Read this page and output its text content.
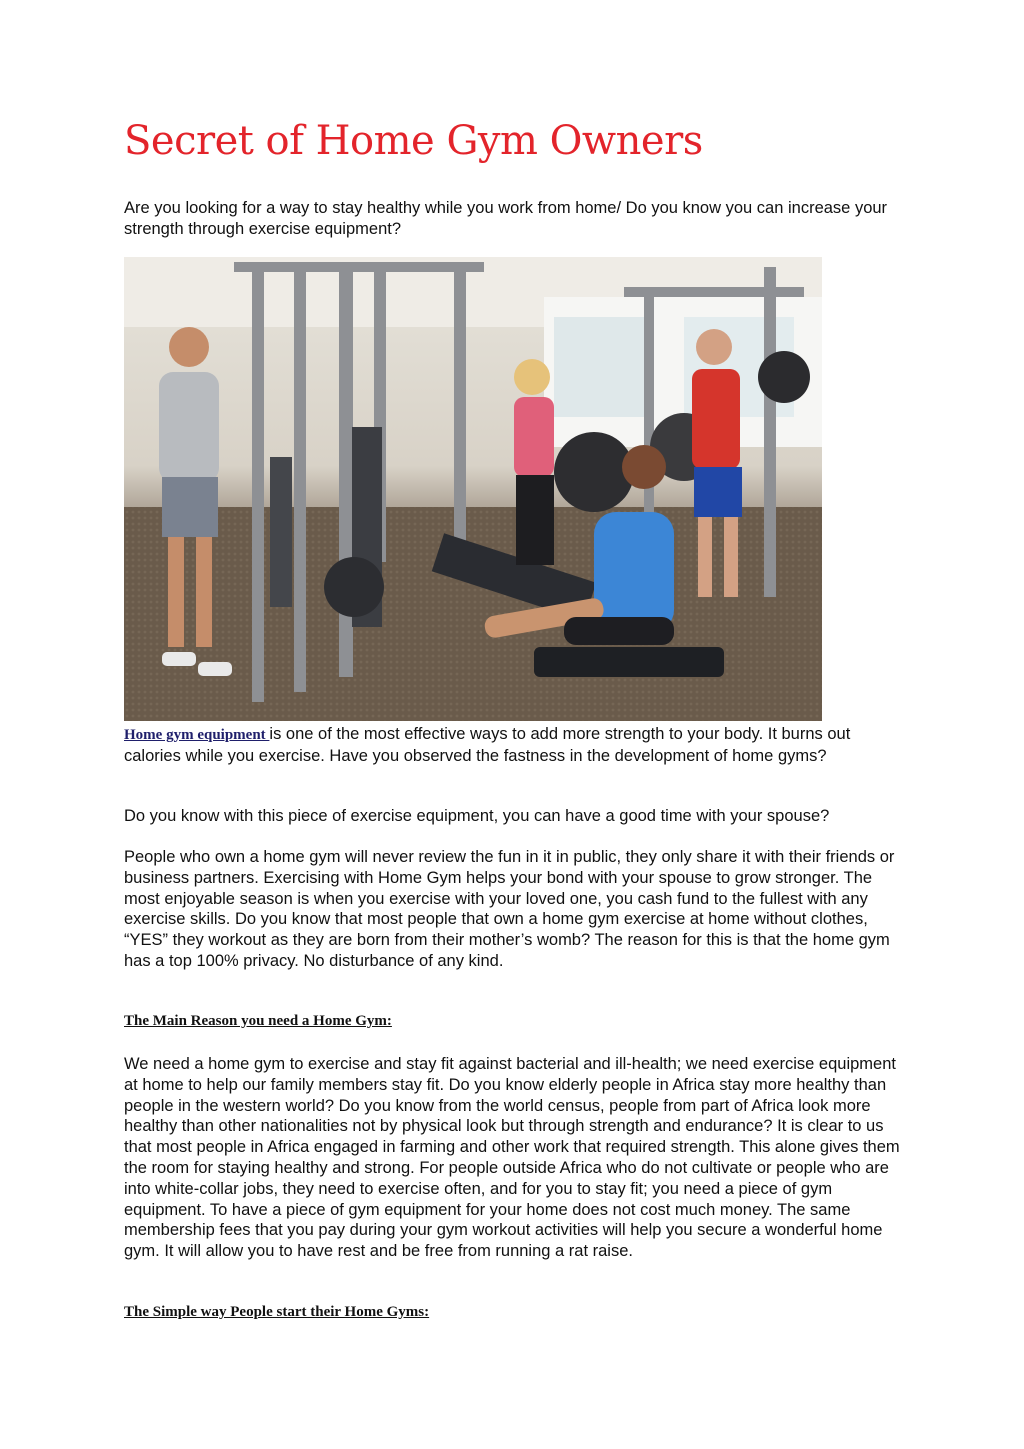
Secret of Home Gym Owners

Are you looking for a way to stay healthy while you work from home/ Do you know you can increase your strength through exercise equipment?

Home gym equipment is one of the most effective ways to add more strength to your body. It burns out calories while you exercise. Have you observed the fastness in the development of home gyms?

Do you know with this piece of exercise equipment, you can have a good time with your spouse?

People who own a home gym will never review the fun in it in public, they only share it with their friends or business partners. Exercising with Home Gym helps your bond with your spouse to grow stronger. The most enjoyable season is when you exercise with your loved one, you cash fund to the fullest with any exercise skills. Do you know that most people that own a home gym exercise at home without clothes, “YES” they workout as they are born from their mother’s womb? The reason for this is that the home gym has a top 100% privacy. No disturbance of any kind.

The Main Reason you need a Home Gym:

We need a home gym to exercise and stay fit against bacterial and ill-health; we need exercise equipment at home to help our family members stay fit. Do you know elderly people in Africa stay more healthy than people in the western world? Do you know from the world census, people from part of Africa look more healthy than other nationalities not by physical look but through strength and endurance? It is clear to us that most people in Africa engaged in farming and other work that required strength. This alone gives them the room for staying healthy and strong. For people outside Africa who do not cultivate or people who are into white-collar jobs, they need to exercise often, and for you to stay fit; you need a piece of gym equipment. To have a piece of gym equipment for your home does not cost much money. The same membership fees that you pay during your gym workout activities will help you secure a wonderful home gym. It will allow you to have rest and be free from running a rat raise.

The Simple way People start their Home Gyms:
